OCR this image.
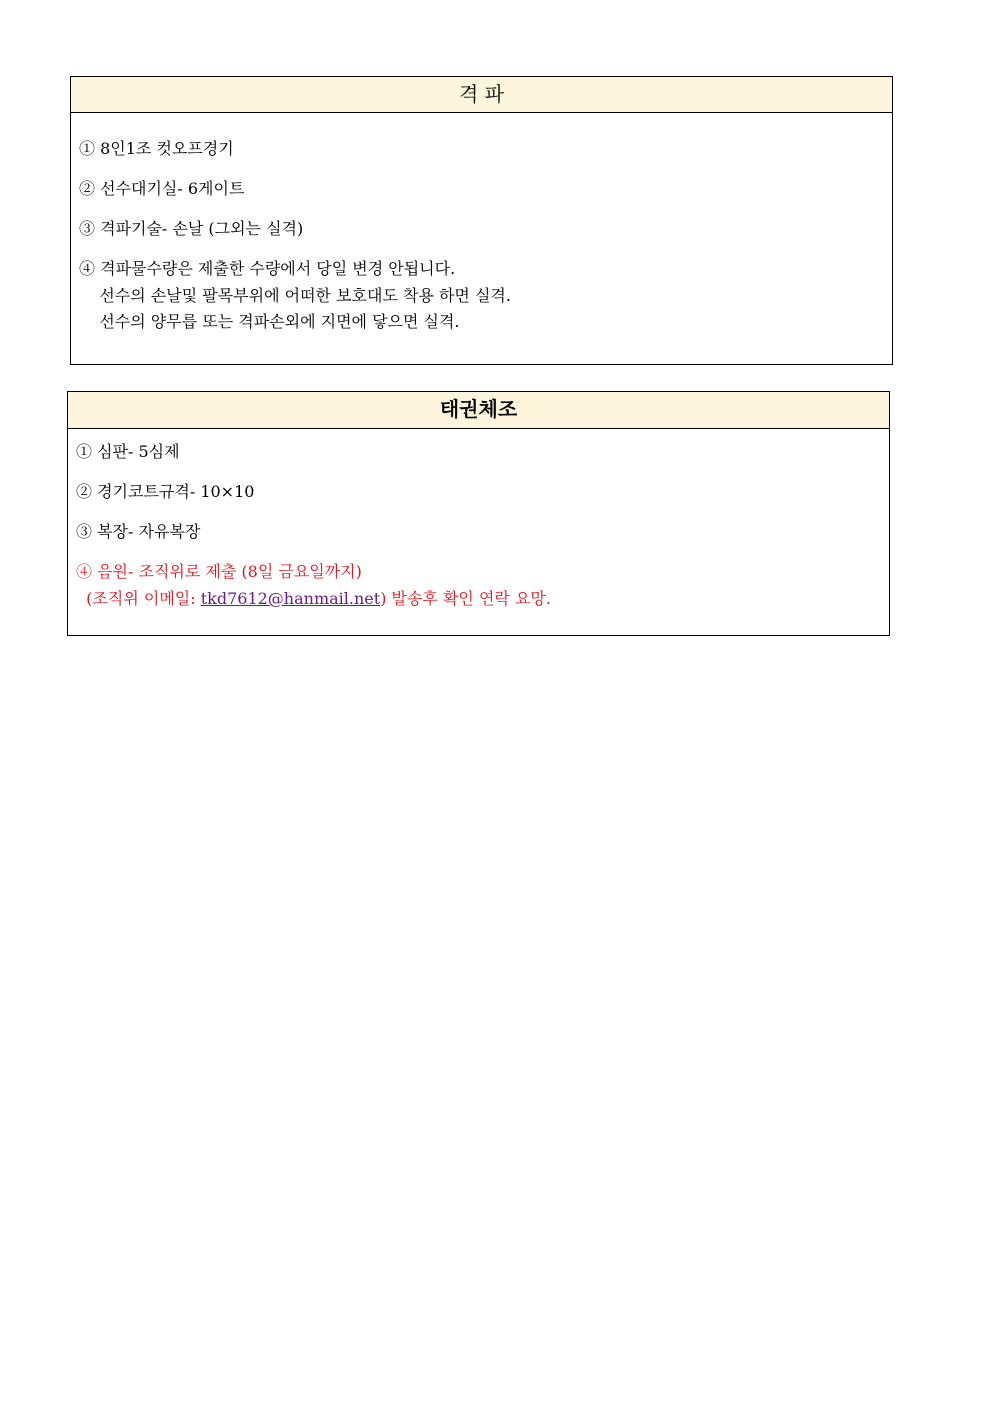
격 파
① 8인1조 컷오프경기
② 선수대기실- 6게이트
③ 격파기술- 손날 (그외는 실격)
④ 격파물수량은 제출한 수량에서 당일 변경 안됩니다.
선수의 손날및 팔목부위에 어떠한 보호대도 착용 하면 실격.
선수의 양무릅 또는 격파손외에 지면에 닿으면 실격.
태권체조
① 심판- 5심제
② 경기코트규격- 10×10
③ 복장- 자유복장
④ 음원- 조직위로 제출 (8일 금요일까지)
(조직위 이메일: tkd7612@hanmail.net) 발송후 확인 연락 요망.
